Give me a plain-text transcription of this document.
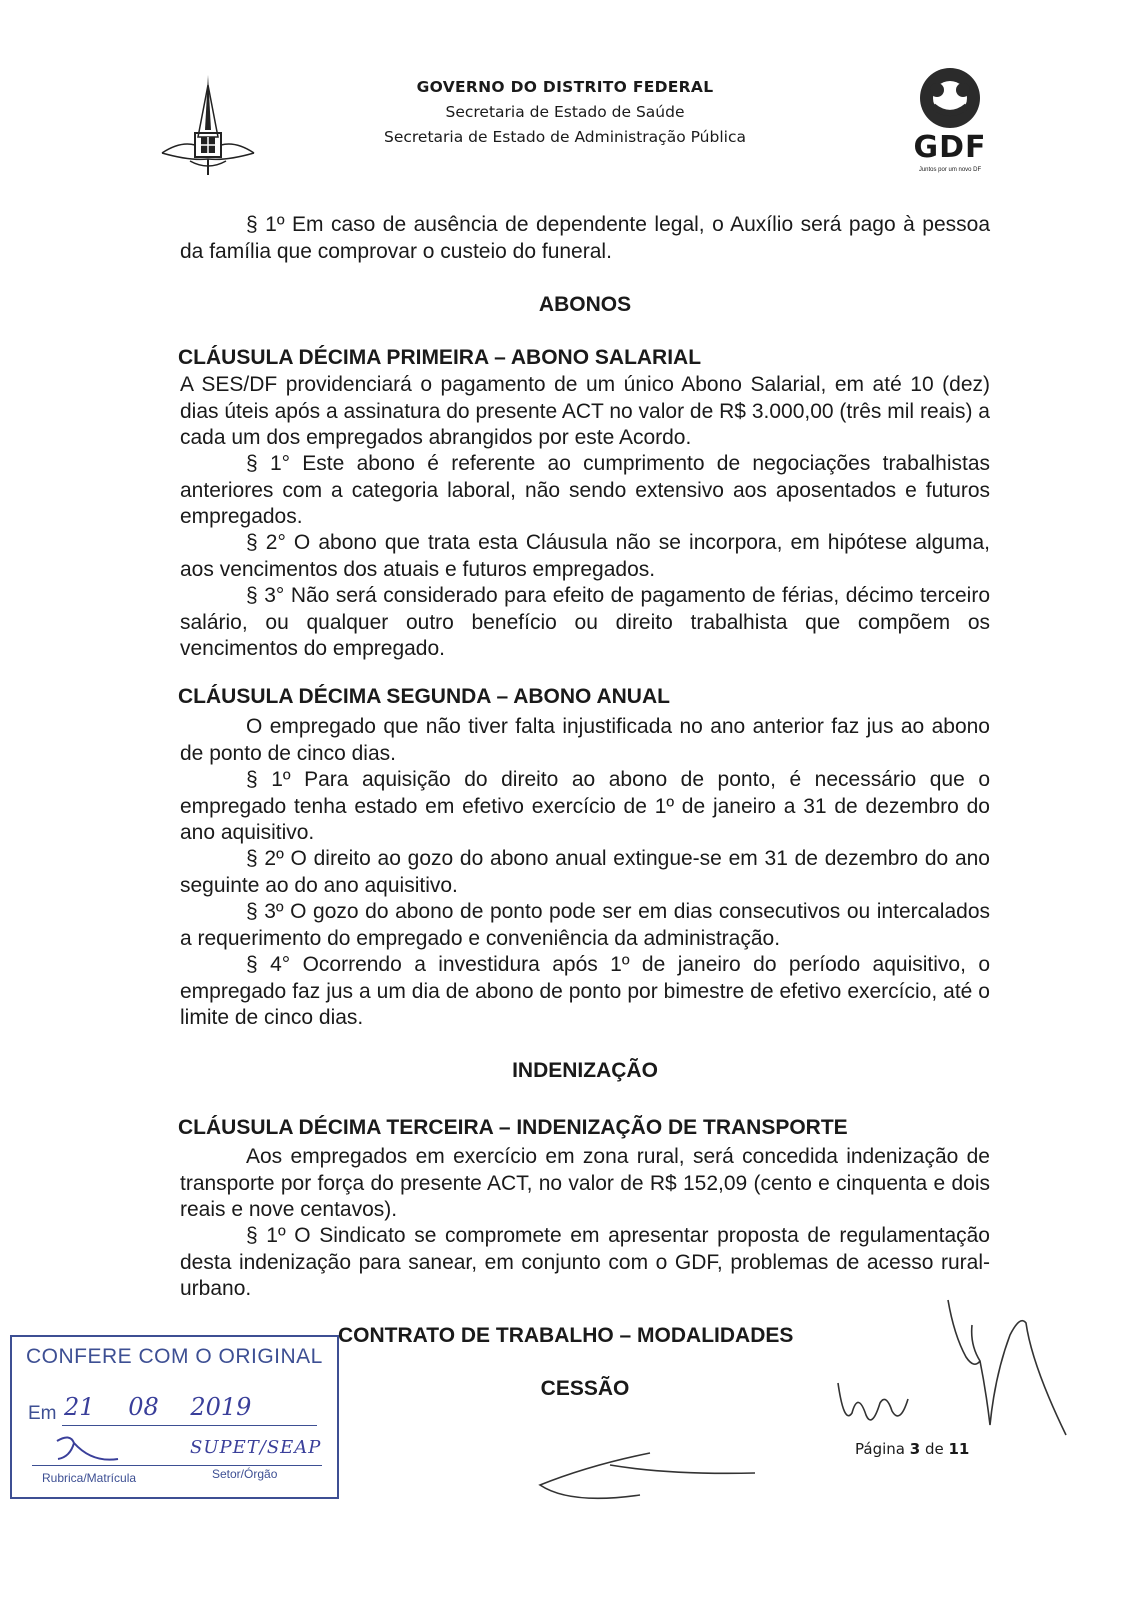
GOVERNO DO DISTRITO FEDERAL
Secretaria de Estado de Saúde
Secretaria de Estado de Administração Pública	GDF
Juntos por um novo DF
§ 1º Em caso de ausência de dependente legal, o Auxílio será pago à pessoa da família que comprovar o custeio do funeral.
ABONOS
CLÁUSULA DÉCIMA PRIMEIRA – ABONO SALARIAL
A SES/DF providenciará o pagamento de um único Abono Salarial, em até 10 (dez) dias úteis após a assinatura do presente ACT no valor de R$ 3.000,00 (três mil reais) a cada um dos empregados abrangidos por este Acordo.
§ 1° Este abono é referente ao cumprimento de negociações trabalhistas anteriores com a categoria laboral, não sendo extensivo aos aposentados e futuros empregados.
§ 2° O abono que trata esta Cláusula não se incorpora, em hipótese alguma, aos vencimentos dos atuais e futuros empregados.
§ 3° Não será considerado para efeito de pagamento de férias, décimo terceiro salário, ou qualquer outro benefício ou direito trabalhista que compõem os vencimentos do empregado.
CLÁUSULA DÉCIMA SEGUNDA – ABONO ANUAL
O empregado que não tiver falta injustificada no ano anterior faz jus ao abono de ponto de cinco dias.
§ 1º Para aquisição do direito ao abono de ponto, é necessário que o empregado tenha estado em efetivo exercício de 1º de janeiro a 31 de dezembro do ano aquisitivo.
§ 2º O direito ao gozo do abono anual extingue-se em 31 de dezembro do ano seguinte ao do ano aquisitivo.
§ 3º O gozo do abono de ponto pode ser em dias consecutivos ou intercalados a requerimento do empregado e conveniência da administração.
§ 4° Ocorrendo a investidura após 1º de janeiro do período aquisitivo, o empregado faz jus a um dia de abono de ponto por bimestre de efetivo exercício, até o limite de cinco dias.
INDENIZAÇÃO
CLÁUSULA DÉCIMA TERCEIRA – INDENIZAÇÃO DE TRANSPORTE
Aos empregados em exercício em zona rural, será concedida indenização de transporte por força do presente ACT, no valor de R$ 152,09 (cento e cinquenta e dois reais e nove centavos).
§ 1º O Sindicato se compromete em apresentar proposta de regulamentação desta indenização para sanear, em conjunto com o GDF, problemas de acesso rural-urbano.
CONTRATO DE TRABALHO – MODALIDADES
CESSÃO
CONFERE COM O ORIGINAL
Em 21 08 2019
SUPET/SEAP
Rubrica/Matrícula	Setor/Órgão
Página 3 de 11
